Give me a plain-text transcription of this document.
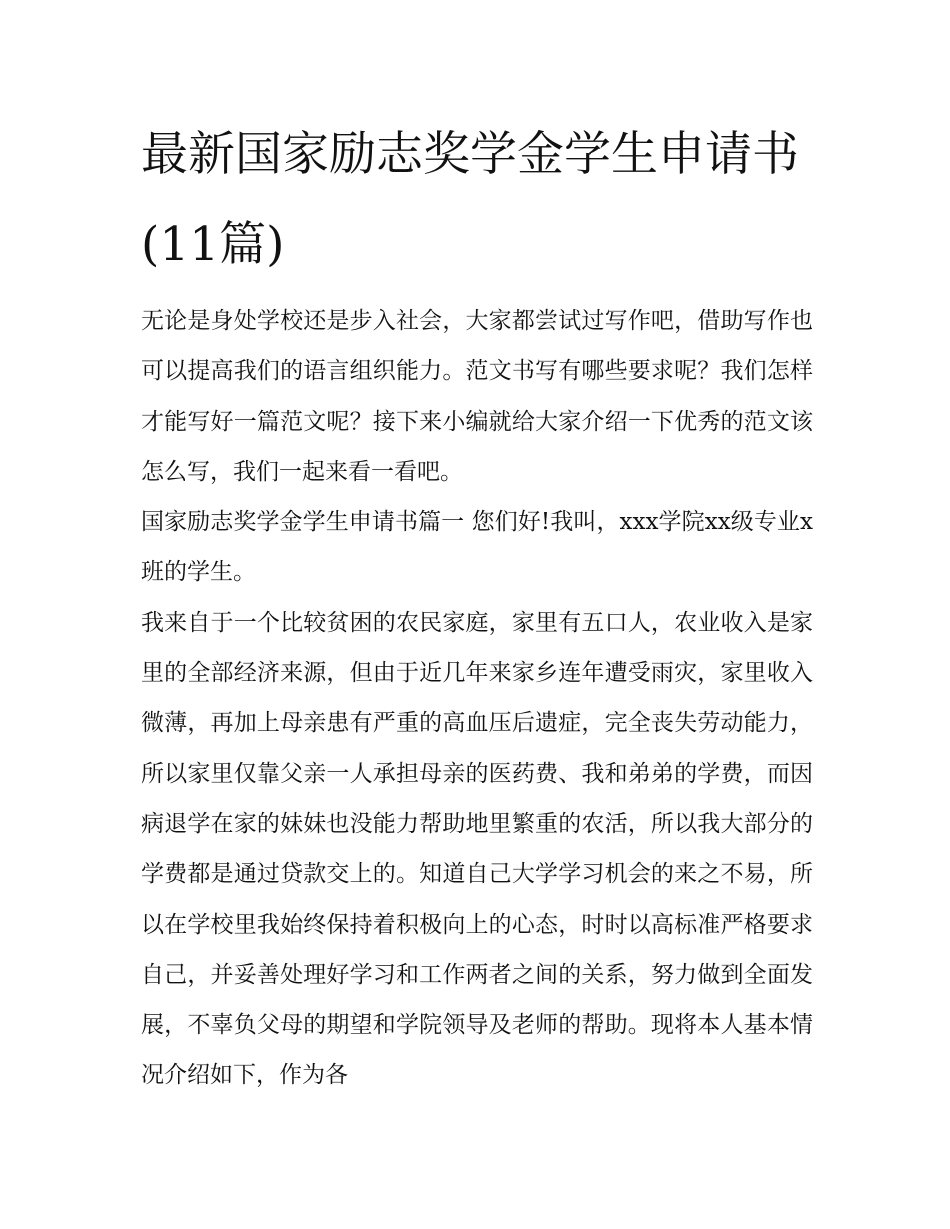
最新国家励志奖学金学生申请书(11篇)

无论是身处学校还是步入社会，大家都尝试过写作吧，借助写作也可以提高我们的语言组织能力。范文书写有哪些要求呢？我们怎样才能写好一篇范文呢？接下来小编就给大家介绍一下优秀的范文该怎么写，我们一起来看一看吧。

国家励志奖学金学生申请书篇一 您们好!我叫，xxx学院xx级专业x班的学生。

我来自于一个比较贫困的农民家庭，家里有五口人，农业收入是家里的全部经济来源，但由于近几年来家乡连年遭受雨灾，家里收入微薄，再加上母亲患有严重的高血压后遗症，完全丧失劳动能力，所以家里仅靠父亲一人承担母亲的医药费、我和弟弟的学费，而因病退学在家的妹妹也没能力帮助地里繁重的农活，所以我大部分的学费都是通过贷款交上的。知道自己大学学习机会的来之不易，所以在学校里我始终保持着积极向上的心态，时时以高标准严格要求自己，并妥善处理好学习和工作两者之间的关系，努力做到全面发展，不辜负父母的期望和学院领导及老师的帮助。现将本人基本情况介绍如下，作为各
